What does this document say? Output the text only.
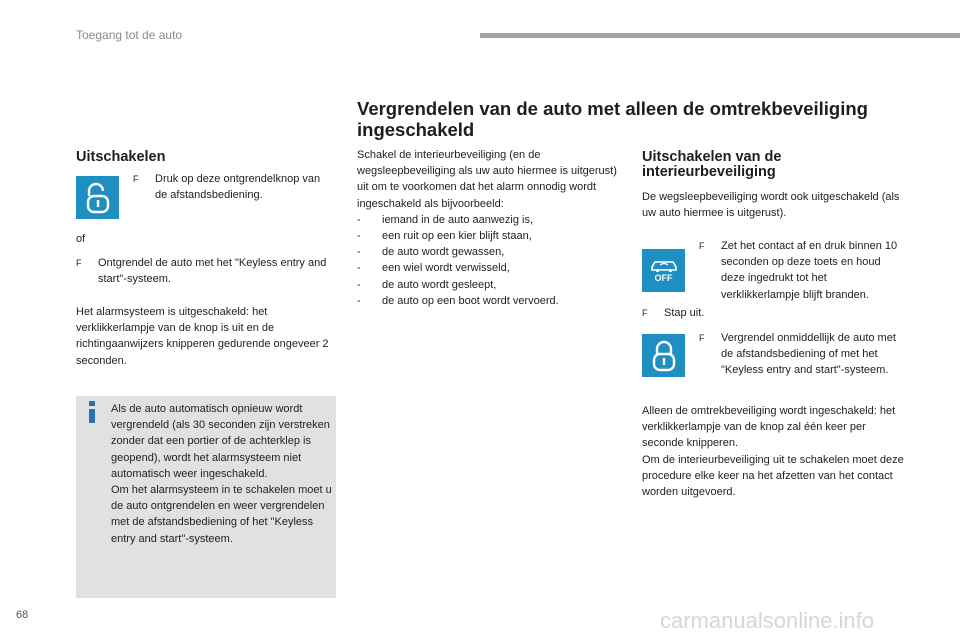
Toegang tot de auto
Vergrendelen van de auto met alleen de omtrekbeveiliging ingeschakeld
Uitschakelen
F	Druk op deze ontgrendelknop van de afstandsbediening.
of
F	Ontgrendel de auto met het "Keyless entry and start"-systeem.
Het alarmsysteem is uitgeschakeld: het verklikkerlampje van de knop is uit en de richtingaanwijzers knipperen gedurende ongeveer 2 seconden.
Als de auto automatisch opnieuw wordt vergrendeld (als 30 seconden zijn verstreken zonder dat een portier of de achterklep is geopend), wordt het alarmsysteem niet automatisch weer ingeschakeld.
Om het alarmsysteem in te schakelen moet u de auto ontgrendelen en weer vergrendelen met de afstandsbediening of het "Keyless entry and start"-systeem.
Schakel de interieurbeveiliging (en de wegsleepbeveiliging als uw auto hiermee is uitgerust) uit om te voorkomen dat het alarm onnodig wordt ingeschakeld als bijvoorbeeld:
- iemand in de auto aanwezig is,
- een ruit op een kier blijft staan,
- de auto wordt gewassen,
- een wiel wordt verwisseld,
- de auto wordt gesleept,
- de auto op een boot wordt vervoerd.
Uitschakelen van de interieurbeveiliging
De wegsleepbeveiliging wordt ook uitgeschakeld (als uw auto hiermee is uitgerust).
OFF
F	Zet het contact af en druk binnen 10 seconden op deze toets en houd deze ingedrukt tot het verklikkerlampje blijft branden.
F	Stap uit.
F	Vergrendel onmiddellijk de auto met de afstandsbediening of met het "Keyless entry and start"-systeem.
Alleen de omtrekbeveiliging wordt ingeschakeld: het verklikkerlampje van de knop zal één keer per seconde knipperen.
Om de interieurbeveiliging uit te schakelen moet deze procedure elke keer na het afzetten van het contact worden uitgevoerd.
68	carmanualsonline.info
